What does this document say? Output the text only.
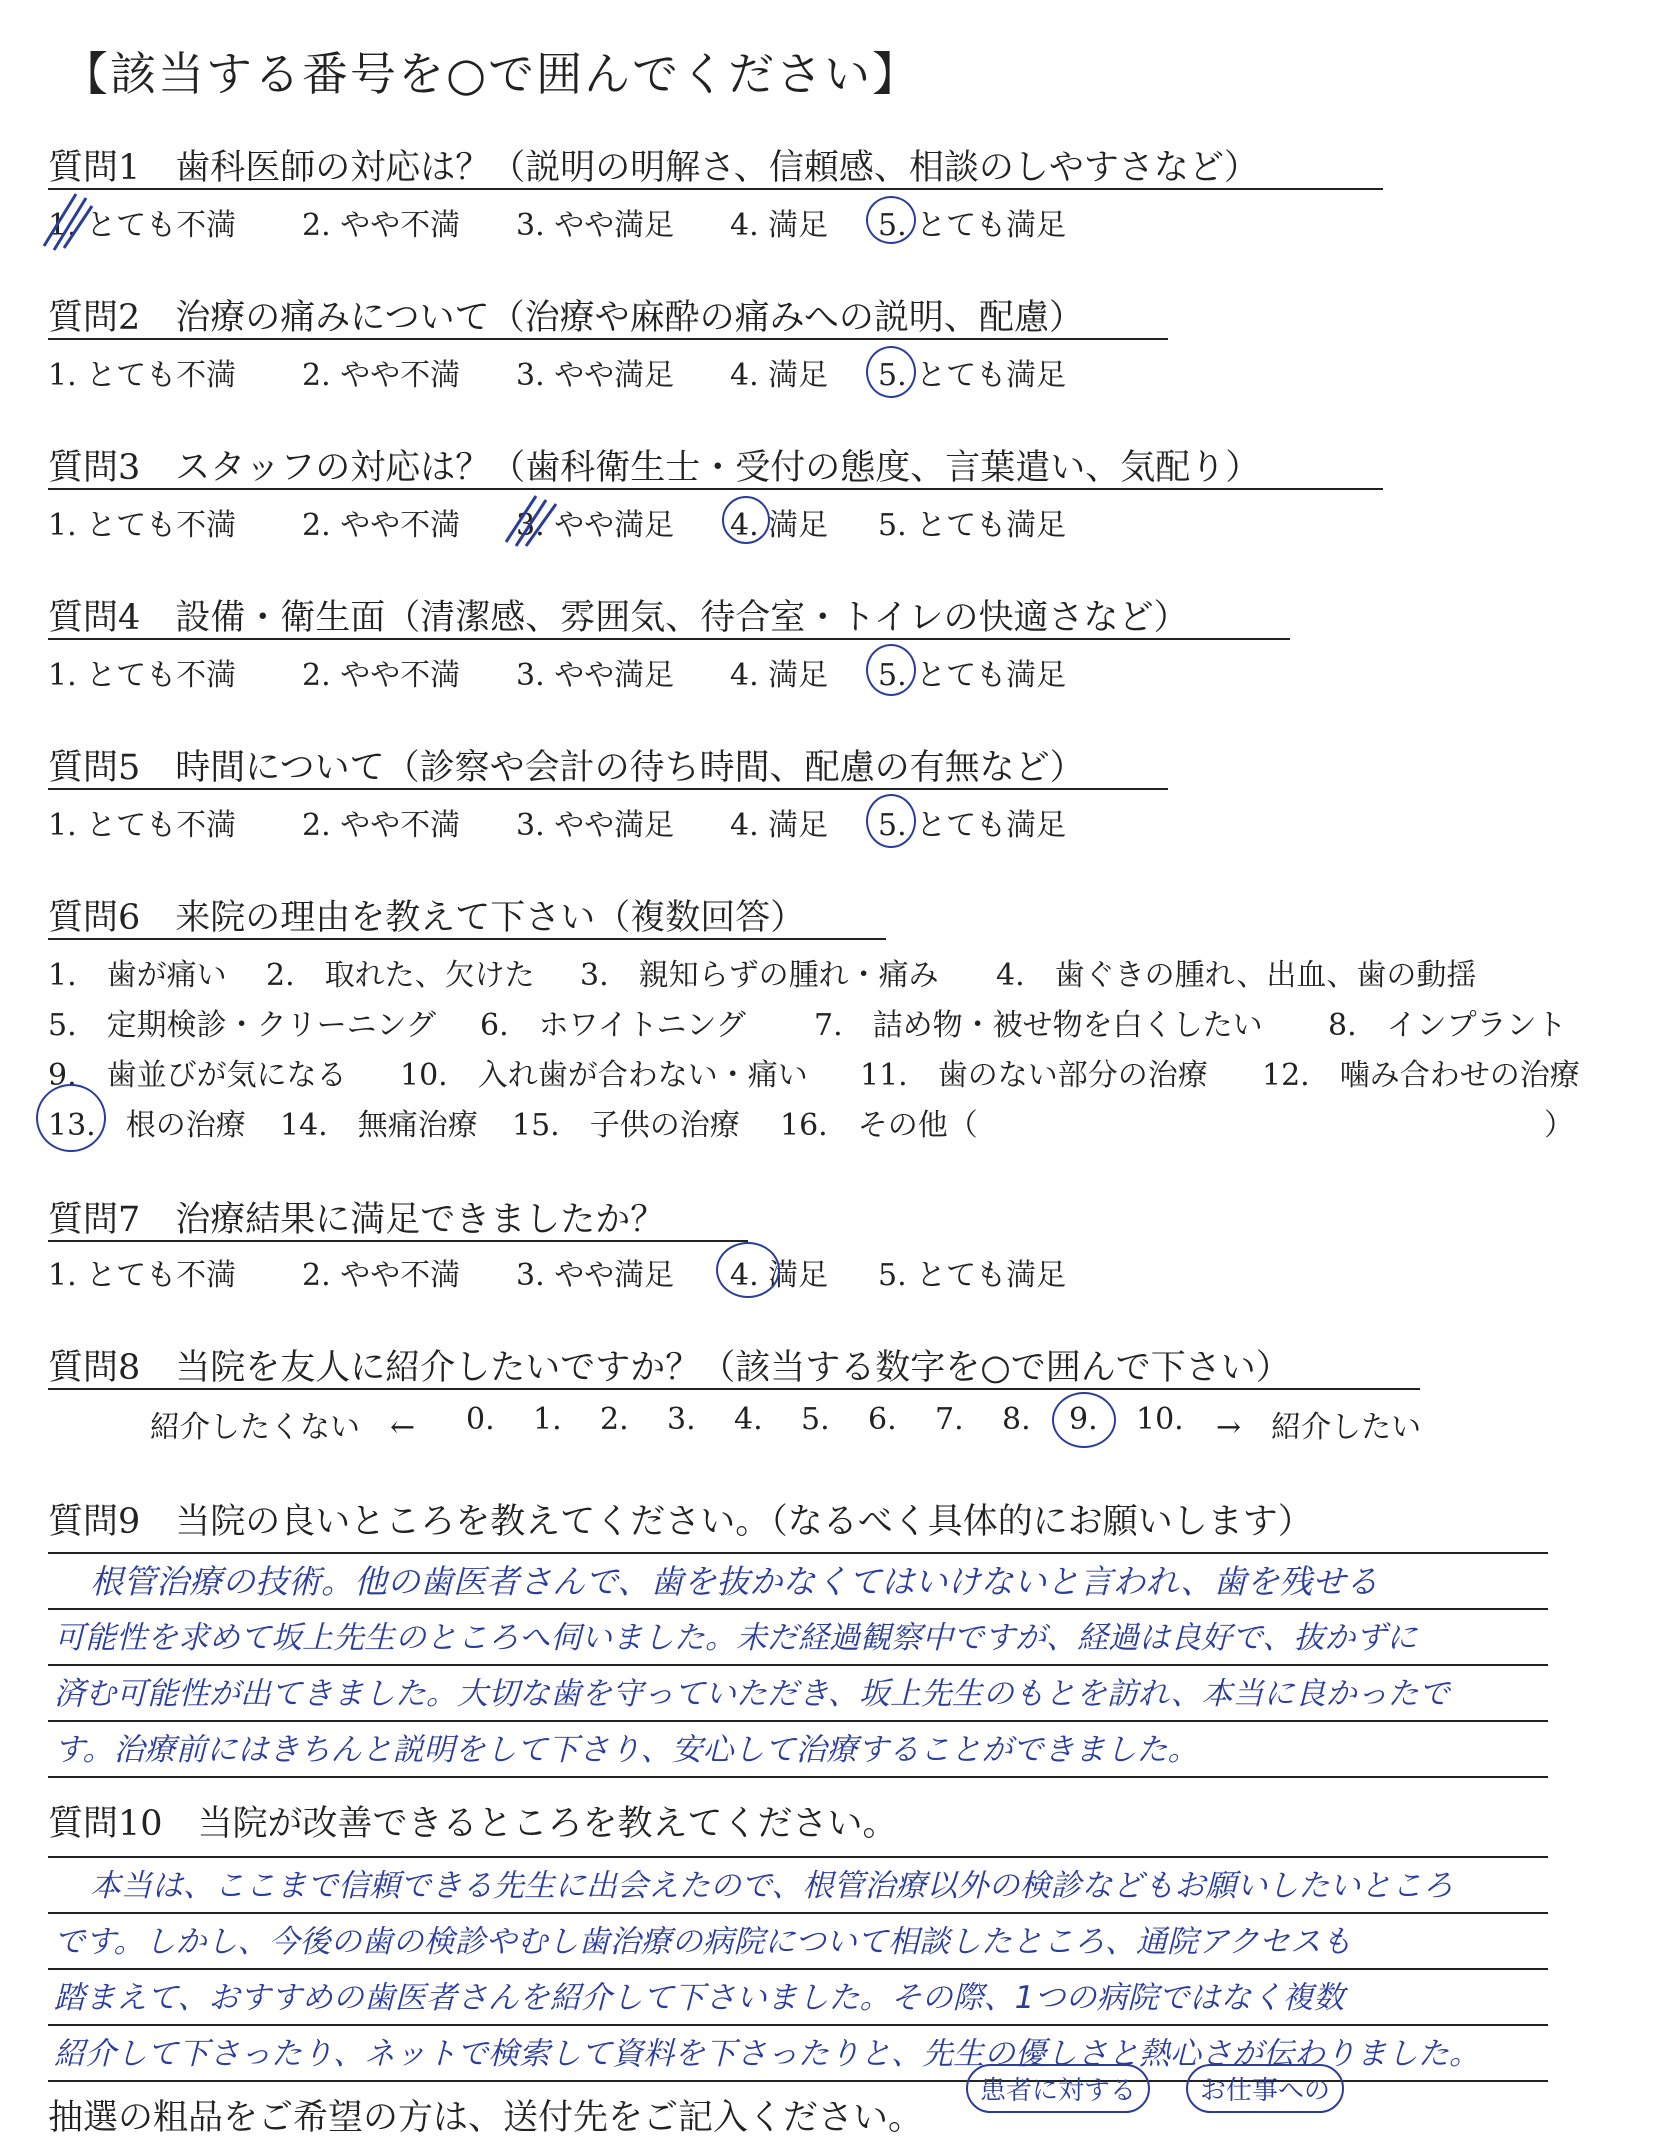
【該当する番号を○で囲んでください】
質問1　歯科医師の対応は？（説明の明解さ、信頼感、相談のしやすさなど）
1. とても不満 2. やや不満 3. やや満足 4. 満足 5. とても満足
質問2　治療の痛みについて（治療や麻酔の痛みへの説明、配慮）
1. とても不満 2. やや不満 3. やや満足 4. 満足 5. とても満足
質問3　スタッフの対応は？（歯科衛生士・受付の態度、言葉遣い、気配り）
1. とても不満 2. やや不満 3. やや満足 4. 満足 5. とても満足
質問4　設備・衛生面（清潔感、雰囲気、待合室・トイレの快適さなど）
1. とても不満 2. やや不満 3. やや満足 4. 満足 5. とても満足
質問5　時間について（診察や会計の待ち時間、配慮の有無など）
1. とても不満 2. やや不満 3. やや満足 4. 満足 5. とても満足
質問6　来院の理由を教えて下さい（複数回答）
1.　歯が痛い 2.　取れた、欠けた 3.　親知らずの腫れ・痛み 4.　歯ぐきの腫れ、出血、歯の動揺
5.　定期検診・クリーニング 6.　ホワイトニング 7.　詰め物・被せ物を白くしたい 8.　インプラント
9.　歯並びが気になる 10.　入れ歯が合わない・痛い 11.　歯のない部分の治療 12.　噛み合わせの治療
13.　根の治療 14.　無痛治療 15.　子供の治療 16.　その他（	）
質問7　治療結果に満足できましたか？
1. とても不満 2. やや不満 3. やや満足 4. 満足 5. とても満足
質問8　当院を友人に紹介したいですか？（該当する数字を○で囲んで下さい）
紹介したくない　← 0. 1. 2. 3. 4. 5. 6. 7. 8. 9. 10. →　紹介したい
質問9　当院の良いところを教えてください。（なるべく具体的にお願いします）
根管治療の技術。他の歯医者さんで、歯を抜かなくてはいけないと言われ、歯を残せる
可能性を求めて坂上先生のところへ伺いました。未だ経過観察中ですが、経過は良好で、抜かずに
済む可能性が出てきました。大切な歯を守っていただき、坂上先生のもとを訪れ、本当に良かったで
す。治療前にはきちんと説明をして下さり、安心して治療することができました。
質問10　当院が改善できるところを教えてください。
本当は、ここまで信頼できる先生に出会えたので、根管治療以外の検診などもお願いしたいところ
です。しかし、今後の歯の検診やむし歯治療の病院について相談したところ、通院アクセスも
踏まえて、おすすめの歯医者さんを紹介して下さいました。その際、1つの病院ではなく複数
紹介して下さったり、ネットで検索して資料を下さったりと、先生の優しさと熱心さが伝わりました。
抽選の粗品をご希望の方は、送付先をご記入ください。
患者に対する	お仕事への
